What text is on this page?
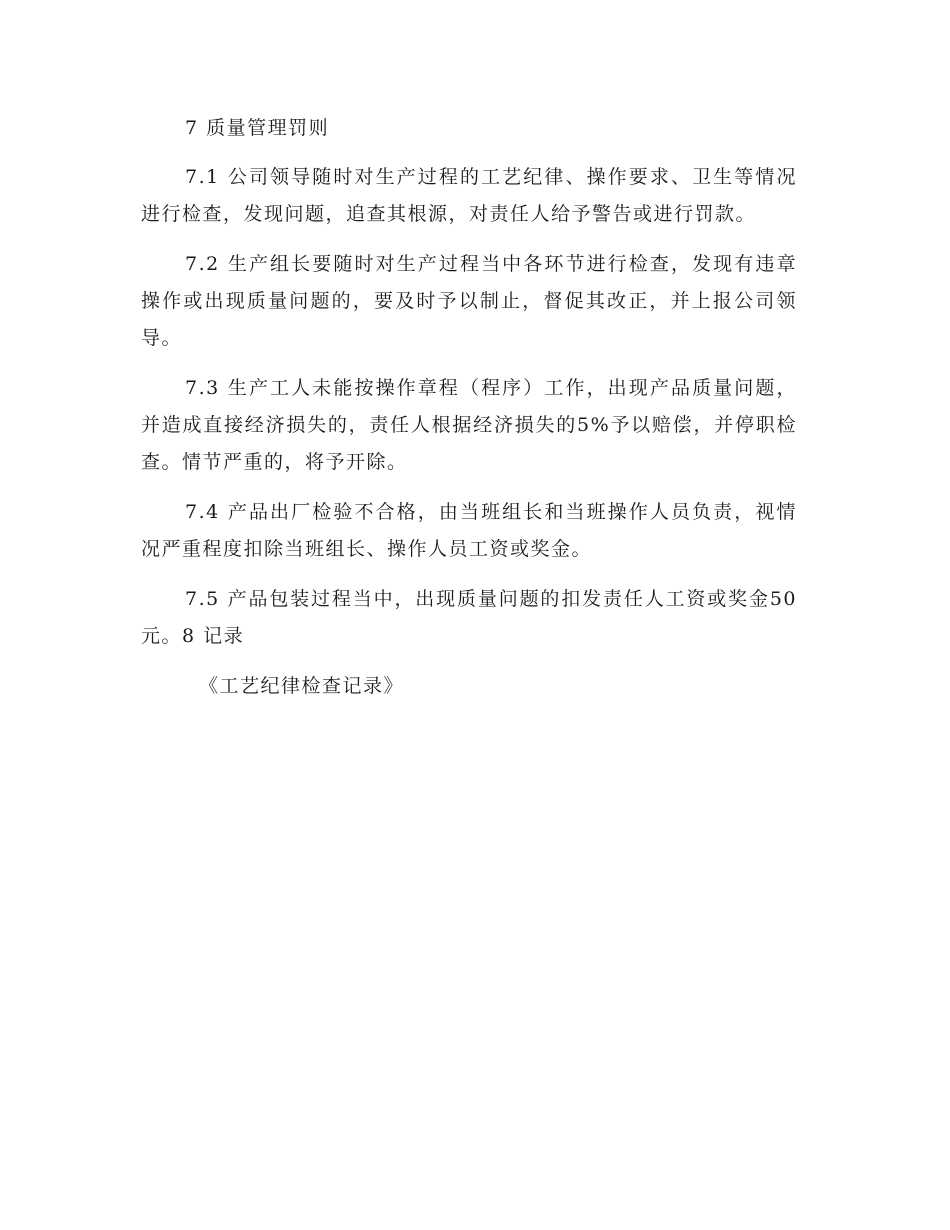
7 质量管理罚则

7.1 公司领导随时对生产过程的工艺纪律、操作要求、卫生等情况进行检查，发现问题，追查其根源，对责任人给予警告或进行罚款。

7.2 生产组长要随时对生产过程当中各环节进行检查，发现有违章操作或出现质量问题的，要及时予以制止，督促其改正，并上报公司领导。

7.3 生产工人未能按操作章程（程序）工作，出现产品质量问题，并造成直接经济损失的，责任人根据经济损失的5%予以赔偿，并停职检查。情节严重的，将予开除。

7.4 产品出厂检验不合格，由当班组长和当班操作人员负责，视情况严重程度扣除当班组长、操作人员工资或奖金。

7.5 产品包装过程当中，出现质量问题的扣发责任人工资或奖金50元。8 记录

《工艺纪律检查记录》
